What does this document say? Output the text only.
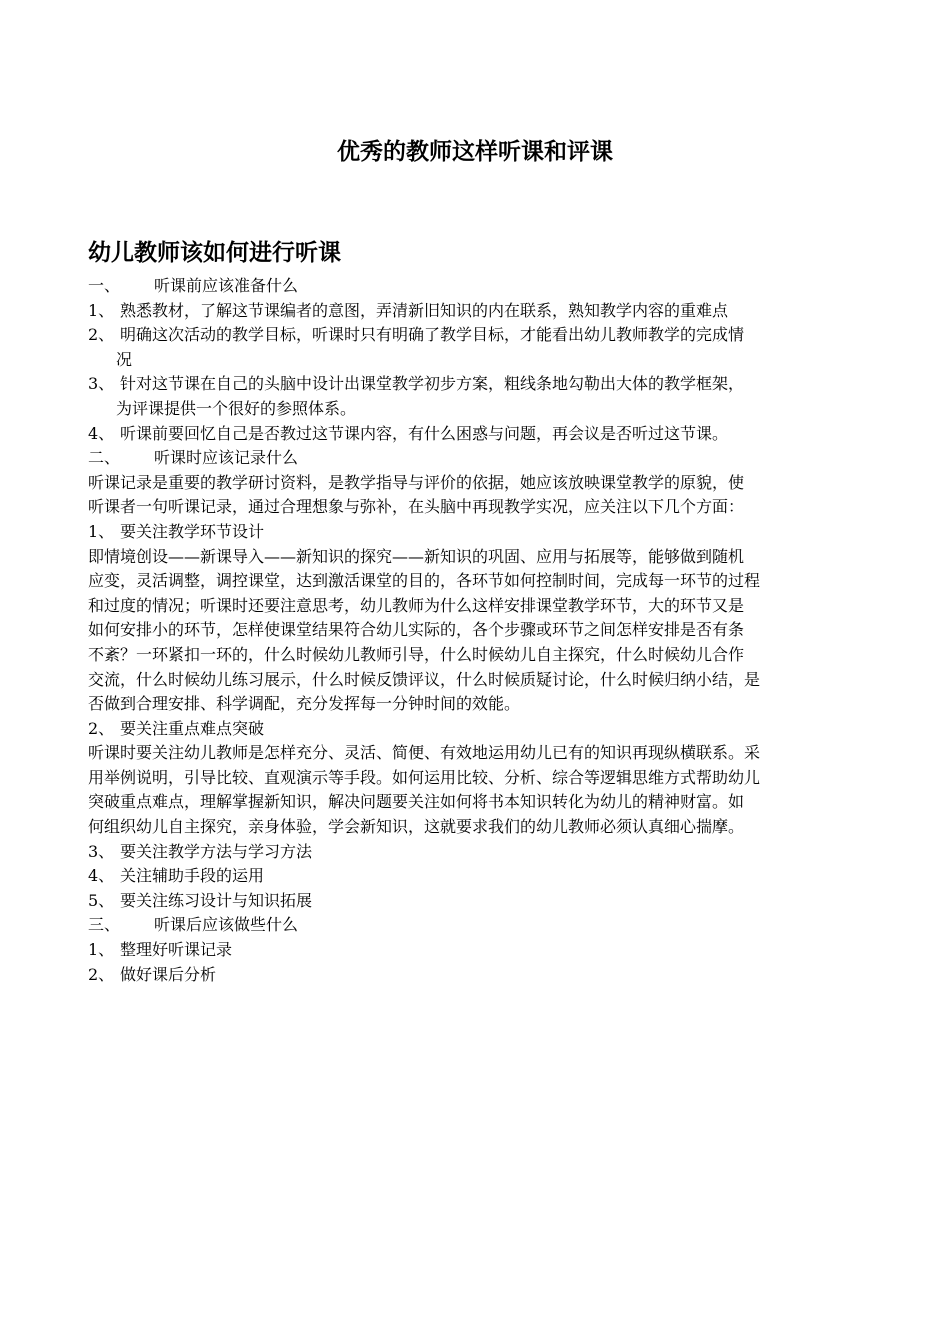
优秀的教师这样听课和评课
幼儿教师该如何进行听课
一、 听课前应该准备什么
1、 熟悉教材，了解这节课编者的意图，弄清新旧知识的内在联系，熟知教学内容的重难点
2、 明确这次活动的教学目标，听课时只有明确了教学目标，才能看出幼儿教师教学的完成情
况
3、 针对这节课在自己的头脑中设计出课堂教学初步方案，粗线条地勾勒出大体的教学框架，
为评课提供一个很好的参照体系。
4、 听课前要回忆自己是否教过这节课内容，有什么困惑与问题，再会议是否听过这节课。
二、 听课时应该记录什么
听课记录是重要的教学研讨资料，是教学指导与评价的依据，她应该放映课堂教学的原貌，使
听课者一句听课记录，通过合理想象与弥补，在头脑中再现教学实况，应关注以下几个方面：
1、 要关注教学环节设计
即情境创设——新课导入——新知识的探究——新知识的巩固、应用与拓展等，能够做到随机
应变，灵活调整，调控课堂，达到激活课堂的目的，各环节如何控制时间，完成每一环节的过程
和过度的情况；听课时还要注意思考，幼儿教师为什么这样安排课堂教学环节，大的环节又是
如何安排小的环节，怎样使课堂结果符合幼儿实际的，各个步骤或环节之间怎样安排是否有条
不紊？一环紧扣一环的，什么时候幼儿教师引导，什么时候幼儿自主探究，什么时候幼儿合作
交流，什么时候幼儿练习展示，什么时候反馈评议，什么时候质疑讨论，什么时候归纳小结，是
否做到合理安排、科学调配，充分发挥每一分钟时间的效能。
2、 要关注重点难点突破
听课时要关注幼儿教师是怎样充分、灵活、简便、有效地运用幼儿已有的知识再现纵横联系。采
用举例说明，引导比较、直观演示等手段。如何运用比较、分析、综合等逻辑思维方式帮助幼儿
突破重点难点，理解掌握新知识，解决问题要关注如何将书本知识转化为幼儿的精神财富。如
何组织幼儿自主探究，亲身体验，学会新知识，这就要求我们的幼儿教师必须认真细心揣摩。
3、 要关注教学方法与学习方法
4、 关注辅助手段的运用
5、 要关注练习设计与知识拓展
三、 听课后应该做些什么
1、 整理好听课记录
2、 做好课后分析
